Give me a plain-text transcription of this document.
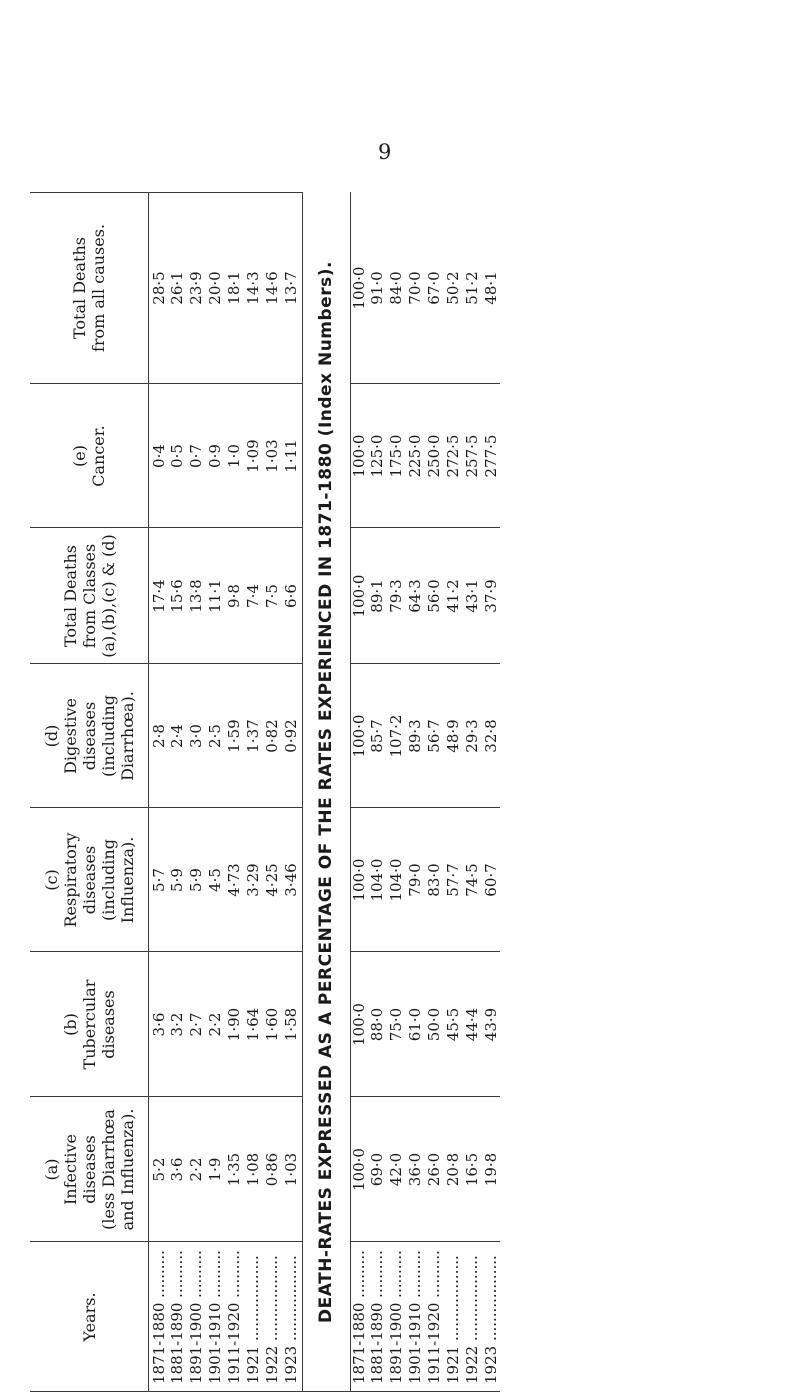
9
Years.
(a) Infective diseases (less Diarrhœa and Influenza).
(b) Tubercular diseases
(c) Respiratory diseases (including Influenza).
(d) Digestive diseases (including Diarrhœa).
Total Deaths from Classes (a),(b),(c) & (d)
(e) Cancer.
Total Deaths from all causes.
1871-1880 ..........
5·2
3·6
5·7
2·8
17·4
0·4
28·5
1881-1890 ..........
3·6
3·2
5·9
2·4
15·6
0·5
26·1
1891-1900 ..........
2·2
2·7
5·9
3·0
13·8
0·7
23·9
1901-1910 ..........
1·9
2·2
4·5
2·5
11·1
0·9
20·0
1911-1920 ..........
1·35
1·90
4·73
1·59
9·8
1·0
18·1
1921 ..................
1·08
1·64
3·29
1·37
7·4
1·09
14·3
1922 ..................
0·86
1·60
4·25
0·82
7·5
1·03
14·6
1923 ..................
1·03
1·58
3·46
0·92
6·6
1·11
13·7
1871-1880 ..........
100·0
100·0
100·0
100·0
100·0
100·0
100·0
1881-1890 ..........
69·0
88·0
104·0
85·7
89·1
125·0
91·0
1891-1900 ..........
42·0
75·0
104·0
107·2
79·3
175·0
84·0
1901-1910 ..........
36·0
61·0
79·0
89·3
64·3
225·0
70·0
1911-1920 ..........
26·0
50·0
83·0
56·7
56·0
250·0
67·0
1921 ..................
20·8
45·5
57·7
48·9
41·2
272·5
50·2
1922 ..................
16·5
44·4
74·5
29·3
43·1
257·5
51·2
1923 ..................
19·8
43·9
60·7
32·8
37·9
277·5
48·1
DEATH-RATES EXPRESSED AS A PERCENTAGE OF THE RATES EXPERIENCED IN 1871-1880 (Index Numbers).
